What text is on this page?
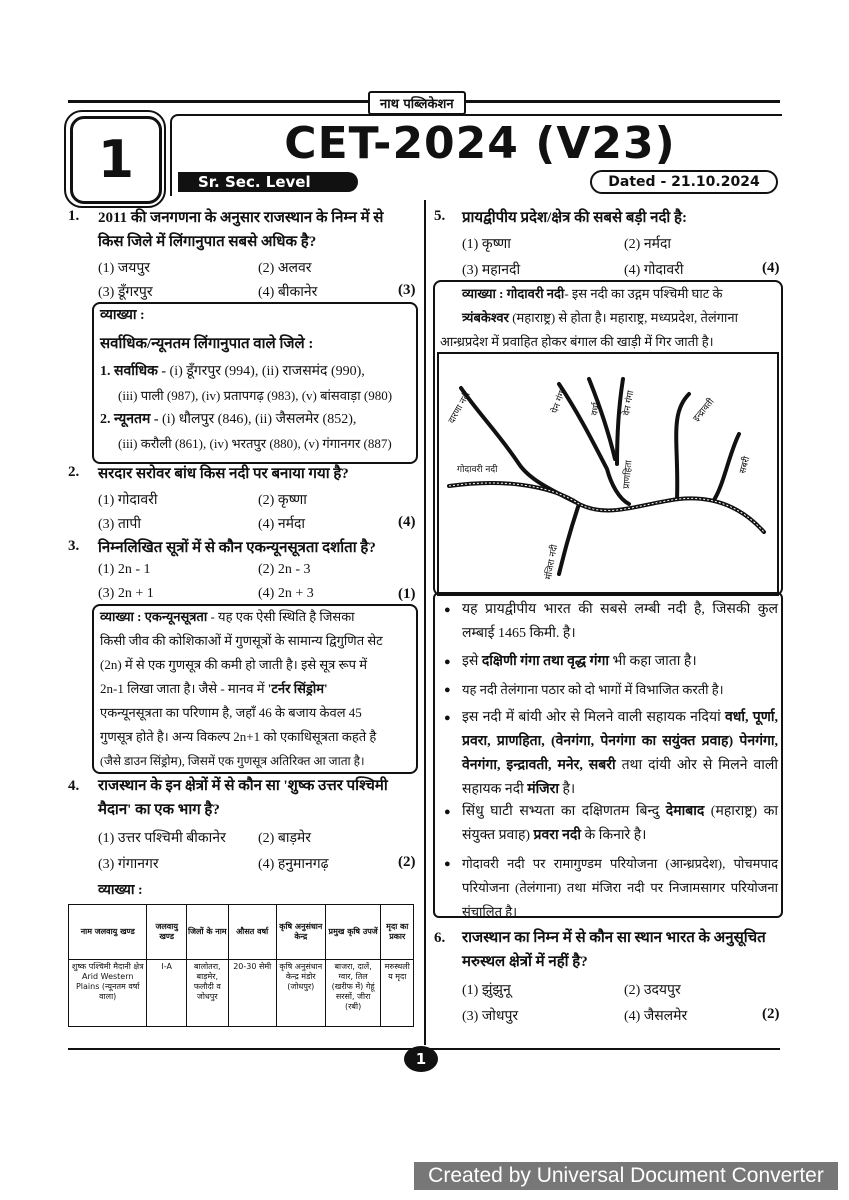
नाथ पब्लिकेशन
1	CET-2024 (V23)
Sr. Sec. Level	Dated - 21.10.2024
1. 2011 की जनगणना के अनुसार राजस्थान के निम्न में से
किस जिले में लिंगानुपात सबसे अधिक है?
(1) जयपुर	(2) अलवर
(3) डूँगरपुर	(4) बीकानेर	(3)
व्याख्या :
सर्वाधिक/न्यूनतम लिंगानुपात वाले जिले :
1. सर्वाधिक - (i) डूँगरपुर (994), (ii) राजसमंद (990),
(iii) पाली (987), (iv) प्रतापगढ़ (983), (v) बांसवाड़ा (980)
2. न्यूनतम - (i) धौलपुर (846), (ii) जैसलमेर (852),
(iii) करौली (861), (iv) भरतपुर (880), (v) गंगानगर (887)
2. सरदार सरोवर बांध किस नदी पर बनाया गया है?
(1) गोदावरी	(2) कृष्णा
(3) तापी	(4) नर्मदा	(4)
3. निम्नलिखित सूत्रों में से कौन एकन्यूनसूत्रता दर्शाता है?
(1) 2n - 1	(2) 2n - 3
(3) 2n + 1	(4) 2n + 3	(1)
व्याख्या : एकन्यूनसूत्रता - यह एक ऐसी स्थिति है जिसका
किसी जीव की कोशिकाओं में गुणसूत्रों के सामान्य द्विगुणित सेट
(2n) में से एक गुणसूत्र की कमी हो जाती है। इसे सूत्र रूप में
2n-1 लिखा जाता है। जैसे - मानव में 'टर्नर सिंड्रोम'
एकन्यूनसूत्रता का परिणाम है, जहाँ 46 के बजाय केवल 45
गुणसूत्र होते है। अन्य विकल्प 2n+1 को एकाधिसूत्रता कहते है
(जैसे डाउन सिंड्रोम), जिसमें एक गुणसूत्र अतिरिक्त आ जाता है।
4. राजस्थान के इन क्षेत्रों में से कौन सा 'शुष्क उत्तर पश्चिमी
मैदान' का एक भाग है?
(1) उत्तर पश्चिमी बीकानेर (2) बाड़मेर
(3) गंगानगर	(4) हनुमानगढ़	(2)
व्याख्या :
नाम जलवायु खण्ड	जलवायु खण्ड	जिलों के नाम	औसत वर्षा	कृषि अनुसंधान केन्द्र	प्रमुख कृषि उपजें	मृदा का प्रकार
शुष्क पश्चिमी मैदानी क्षेत्र Arid Western Plains (न्यूनतम वर्षा वाला)	I-A	बालोतरा, बाड़मेर, फलौदी व जोधपुर	20-30 सेमी	कृषि अनुसंधान केन्द्र मंडोर (जोधपुर)	बाजरा, दालें, ग्वार, तिल (खरीफ में) गेहूं सरसों, जीरा (रबी)	मरुस्थली य मृदा
5. प्रायद्वीपीय प्रदेश/क्षेत्र की सबसे बड़ी नदी है:
(1) कृष्णा	(2) नर्मदा
(3) महानदी	(4) गोदावरी	(4)
व्याख्या : गोदावरी नदी- इस नदी का उद्गम पश्चिमी घाट के
त्र्यंबकेश्वर (महाराष्ट्र) से होता है। महाराष्ट्र, मध्यप्रदेश, तेलंगाना
आन्ध्रप्रदेश में प्रवाहित होकर बंगाल की खाड़ी में गिर जाती है।
गोदावरी नदी
दारणा नदी	पेन गंगा वर्धा वेन गंगा	इन्द्रावती
सबरी
प्राणहिता
मंजिरा नदी
● यह प्रायद्वीपीय भारत की सबसे लम्बी नदी है, जिसकी कुल लम्बाई 1465 किमी. है।
● इसे दक्षिणी गंगा तथा वृद्ध गंगा भी कहा जाता है।
● यह नदी तेलंगाना पठार को दो भागों में विभाजित करती है।
● इस नदी में बांयी ओर से मिलने वाली सहायक नदियां वर्धा, पूर्णा, प्रवरा, प्राणहिता, (वेनगंगा, पेनगंगा का सयुंक्त प्रवाह) पेनगंगा, वेनगंगा, इन्द्रावती, मनेर, सबरी तथा दांयी ओर से मिलने वाली सहायक नदी मंजिरा है।
● सिंधु घाटी सभ्यता का दक्षिणतम बिन्दु देमाबाद (महाराष्ट्र) का संयुक्त प्रवाह) प्रवरा नदी के किनारे है।
● गोदावरी नदी पर रामागुण्डम परियोजना (आन्ध्रप्रदेश), पोचमपाद परियोजना (तेलंगाना) तथा मंजिरा नदी पर निजामसागर परियोजना संचालित है।
6. राजस्थान का निम्न में से कौन सा स्थान भारत के अनुसूचित
मरुस्थल क्षेत्रों में नहीं है?
(1) झुंझुनू	(2) उदयपुर
(3) जोधपुर	(4) जैसलमेर	(2)
1
Created by Universal Document Converter
